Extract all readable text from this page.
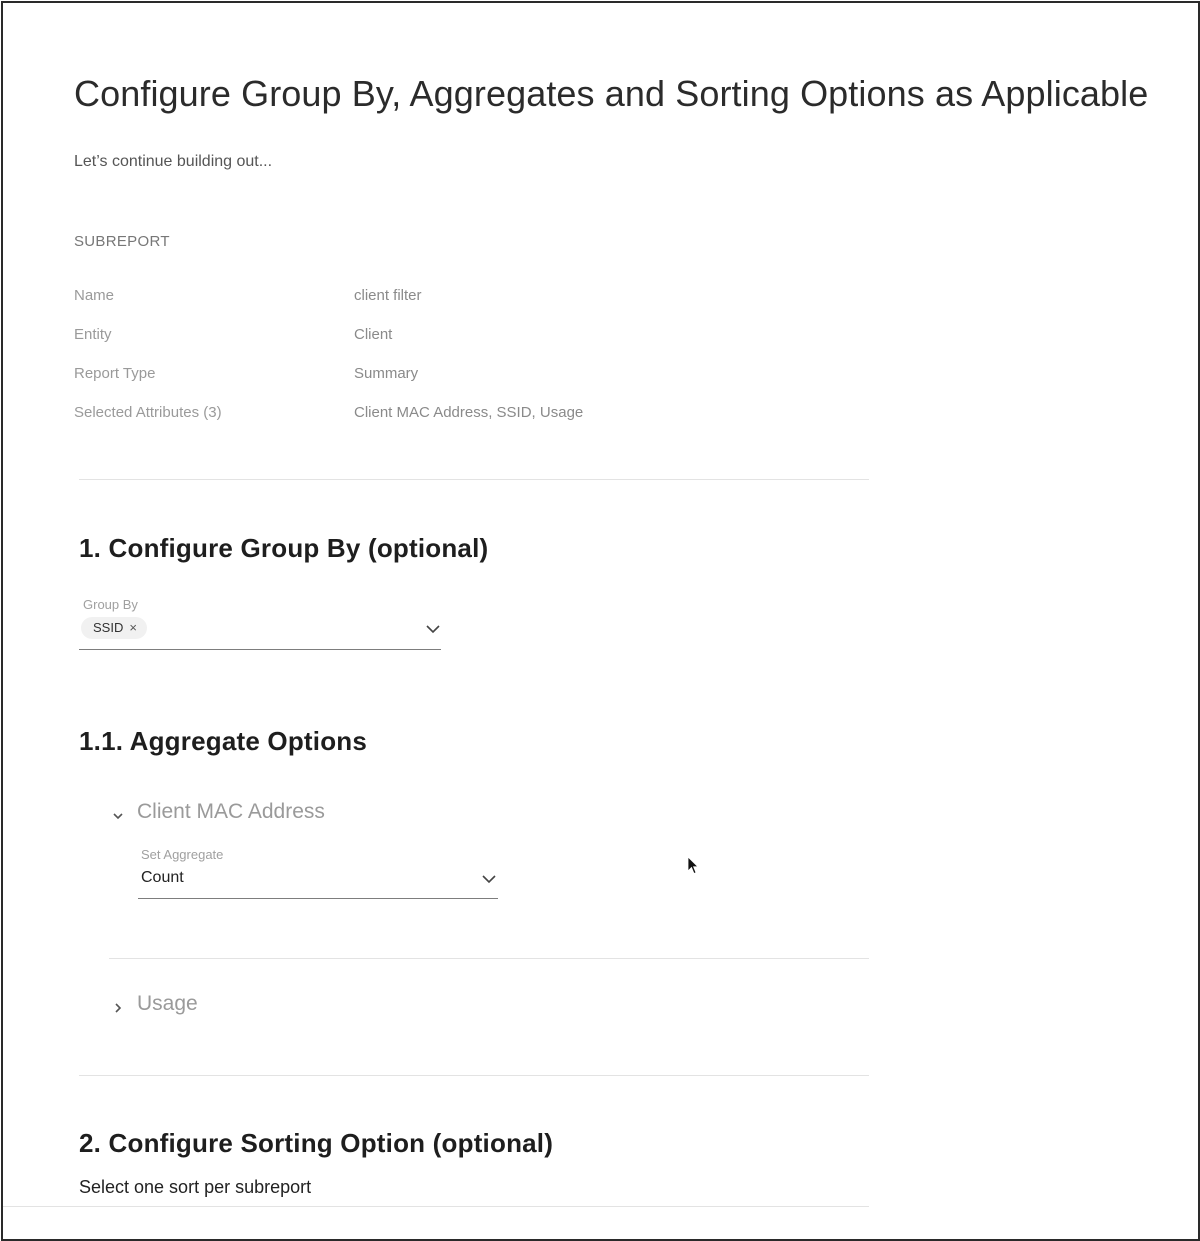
Configure Group By, Aggregates and Sorting Options as Applicable
Let’s continue building out...
SUBREPORT
Name	client filter
Entity	Client
Report Type	Summary
Selected Attributes (3)	Client MAC Address, SSID, Usage
1. Configure Group By (optional)
Group By
SSID ×
1.1. Aggregate Options
Client MAC Address
Set Aggregate
Count
Usage
2. Configure Sorting Option (optional)
Select one sort per subreport
